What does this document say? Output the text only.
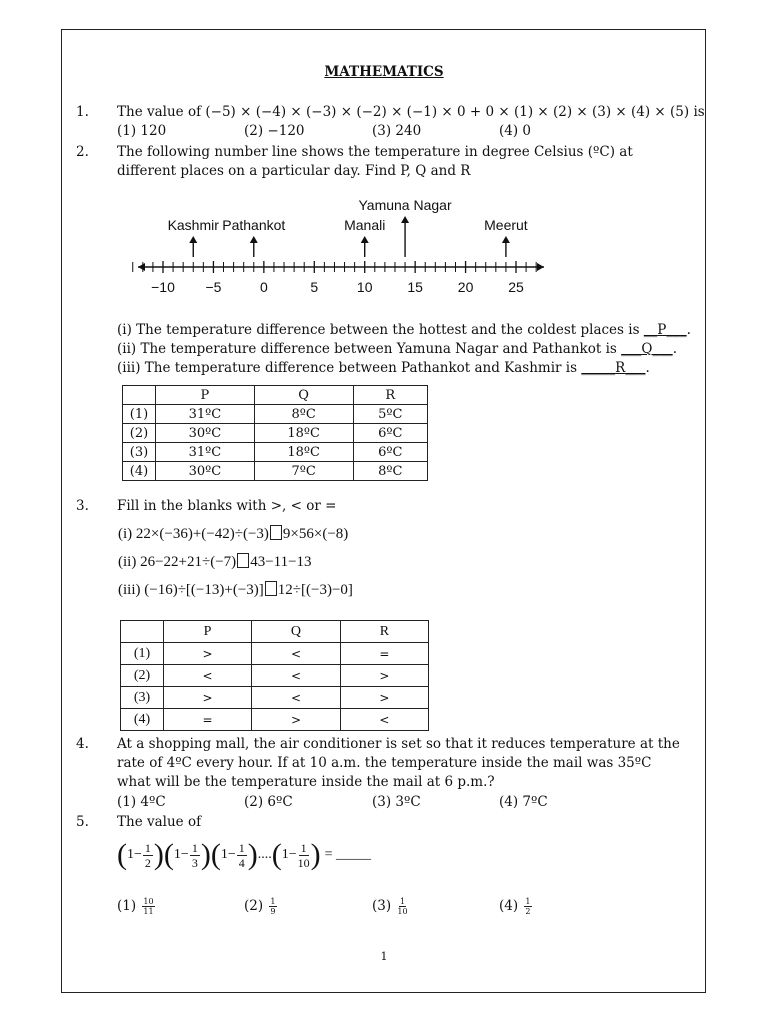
MATHEMATICS
1. The value of (−5) × (−4) × (−3) × (−2) × (−1) × 0 + 0 × (1) × (2) × (3) × (4) × (5) is
(1) 120	(2) −120	(3) 240	(4) 0
2. The following number line shows the temperature in degree Celsius (ºC) at
different places on a particular day. Find P, Q and R
−10 −5	0	5	10 15 20 25
Kashmir Pathankot	Manali
Yamuna Nagar
Meerut
(i) The temperature difference between the hottest and the coldest places is __P___.
(ii) The temperature difference between Yamuna Nagar and Pathankot is ___Q___.
(iii) The temperature difference between Pathankot and Kashmir is _____R___.
	P	Q	R
(1)	31ºC	8ºC	5ºC
(2)	30ºC	18ºC	6ºC
(3)	31ºC	18ºC	6ºC
(4)	30ºC	7ºC	8ºC
3. Fill in the blanks with >, < or =
(i) 22×(−36)+(−42)÷(−3) 9×56×(−8)
(ii) 26−22+21÷(−7) 43−11−13
(iii) (−16)÷[(−13)+(−3)] 12÷[(−3)−0]
	P	Q	R
(1)	>	<	=
(2)	<	<	>
(3)	>	<	>
(4)	=	>	<
4. At a shopping mall, the air conditioner is set so that it reduces temperature at the
rate of 4ºC every hour. If at 10 a.m. the temperature inside the mail was 35ºC
what will be the temperature inside the mail at 6 p.m.?
(1) 4ºC	(2) 6ºC	(3) 3ºC	(4) 7ºC
5. The value of
( $1 - \frac{1}{2}$ ) ( $1 - \frac{1}{3}$ ) ( $1 - \frac{1}{4}$ ) .... ( $1 - \frac{1}{10}$ ) = _____
$(1) \frac{10}{11}$	$(2) \frac{1}{9}$	$(3) \frac{1}{10}$	$(4) \frac{1}{2}$
1
